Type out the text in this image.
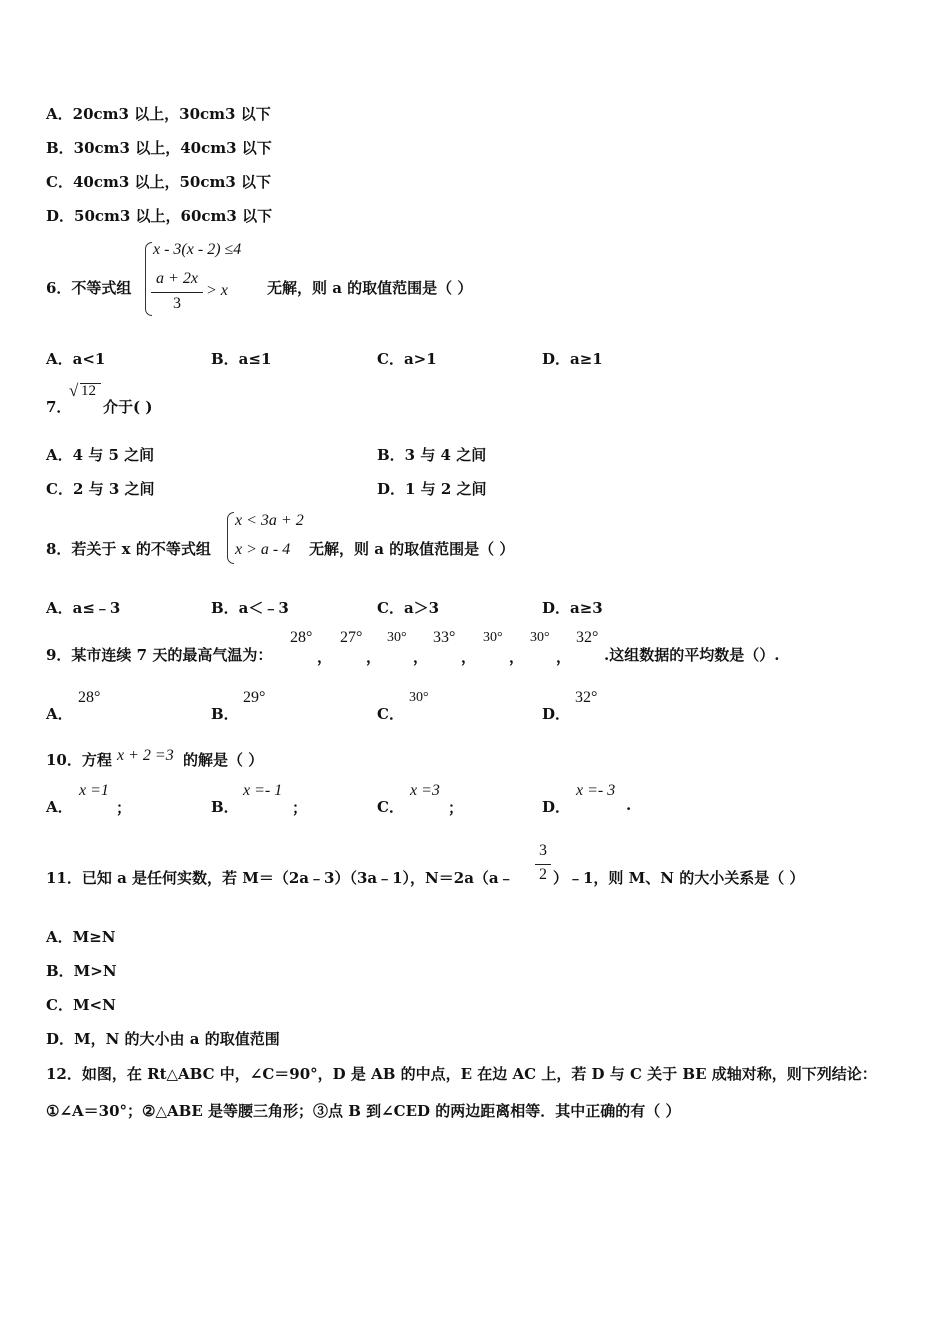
A．20cm3 以上，30cm3 以下
B．30cm3 以上，40cm3 以下
C．40cm3 以上，50cm3 以下
D．50cm3 以上，60cm3 以下
6．不等式组
x - 3(x - 2) ≤4
a + 2x
3
> x	无解，则 a 的取值范围是（ ）
A．a<1	B．a≤1	C．a>1	D．a≥1
7．
√ 12
介于( )
A．4 与 5 之间	B．3 与 4 之间
C．2 与 3 之间	D．1 与 2 之间
8．若关于 x 的不等式组
x < 3a + 2
x > a - 4 无解，则 a 的取值范围是（ ）
A．a≤﹣3	B．a＜﹣3	C．a＞3	D．a≥3
9．某市连续 7 天的最高气温为：
28°
，
27°
，
30°
，
33°
，
30°
，
30°
，
32°
.这组数据的平均数是（）.
A．
28°
B．
29°
C．
30°
D．
32°
10．方程 x + 2 =3 的解是（ ）
A．
x =1
；	B．
x =- 1
；	C．
x =3
；	D．
x =- 3
.
11．已知 a 是任何实数，若 M＝（2a﹣3）（3a﹣1），N＝2a（a﹣
3
2 ）﹣1，则 M、N 的大小关系是（ ）
A．M≥N
B．M>N
C．M<N
D．M，N 的大小由 a 的取值范围
12．如图，在 Rt△ABC 中，∠C＝90°，D 是 AB 的中点，E 在边 AC 上，若 D 与 C 关于 BE 成轴对称，则下列结论：
①∠A＝30°；②△ABE 是等腰三角形；③点 B 到∠CED 的两边距离相等．其中正确的有（ ）
